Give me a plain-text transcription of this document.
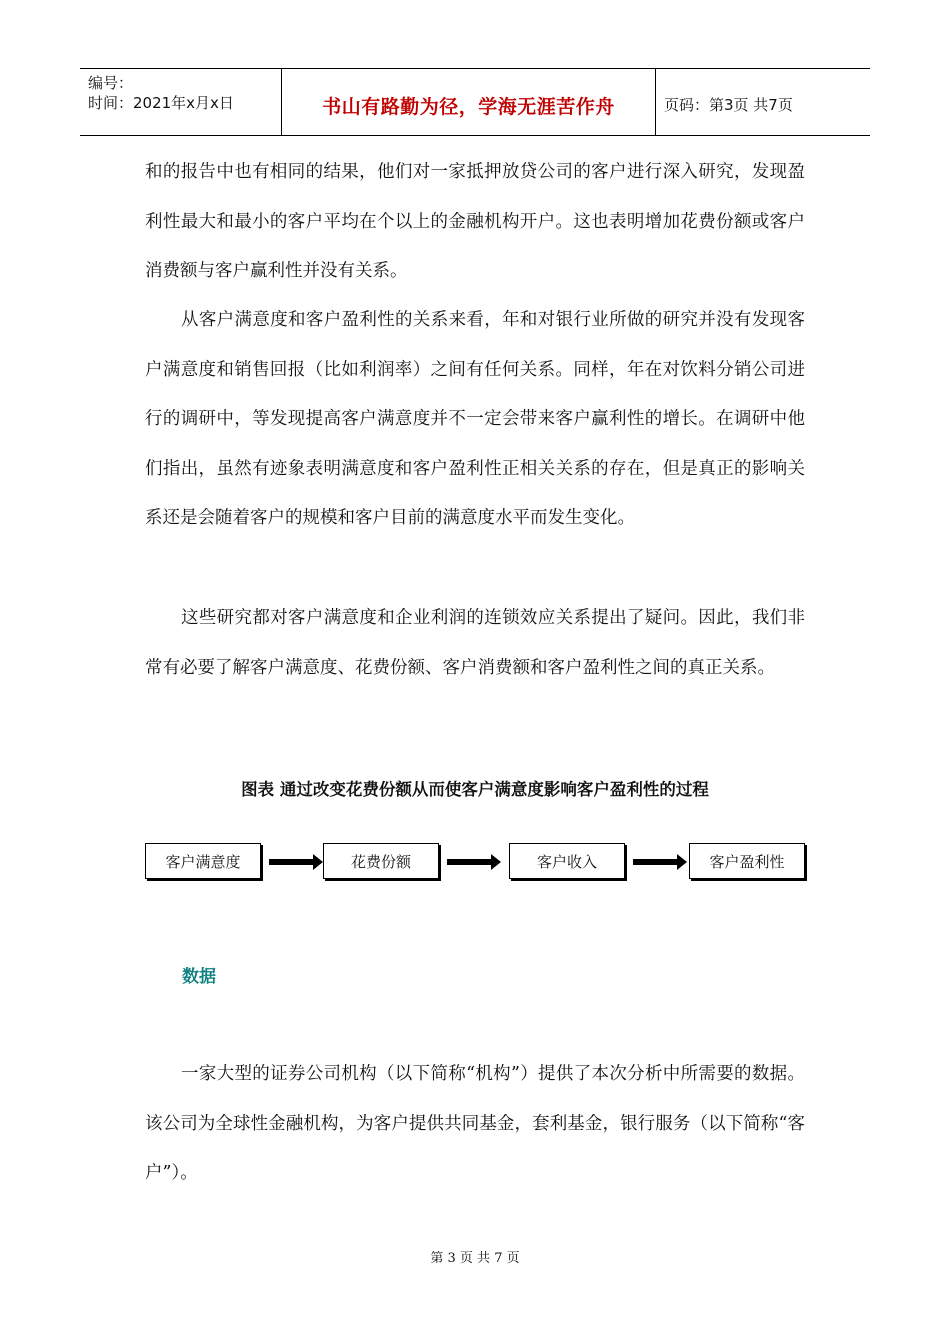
编号：
时间：2021年x月x日	书山有路勤为径，学海无涯苦作舟	页码：第3页 共7页
和的报告中也有相同的结果，他们对一家抵押放贷公司的客户进行深入研究，发现盈利性最大和最小的客户平均在个以上的金融机构开户。这也表明增加花费份额或客户消费额与客户赢利性并没有关系。
从客户满意度和客户盈利性的关系来看，年和对银行业所做的研究并没有发现客户满意度和销售回报（比如利润率）之间有任何关系。同样，年在对饮料分销公司进行的调研中，等发现提高客户满意度并不一定会带来客户赢利性的增长。在调研中他们指出，虽然有迹象表明满意度和客户盈利性正相关关系的存在，但是真正的影响关系还是会随着客户的规模和客户目前的满意度水平而发生变化。
这些研究都对客户满意度和企业利润的连锁效应关系提出了疑问。因此，我们非常有必要了解客户满意度、花费份额、客户消费额和客户盈利性之间的真正关系。
图表 通过改变花费份额从而使客户满意度影响客户盈利性的过程
客户满意度	花费份额	客户收入	客户盈利性
数据
一家大型的证券公司机构（以下简称“机构”）提供了本次分析中所需要的数据。该公司为全球性金融机构，为客户提供共同基金，套利基金，银行服务（以下简称“客户”）。
第 3 页 共 7 页
